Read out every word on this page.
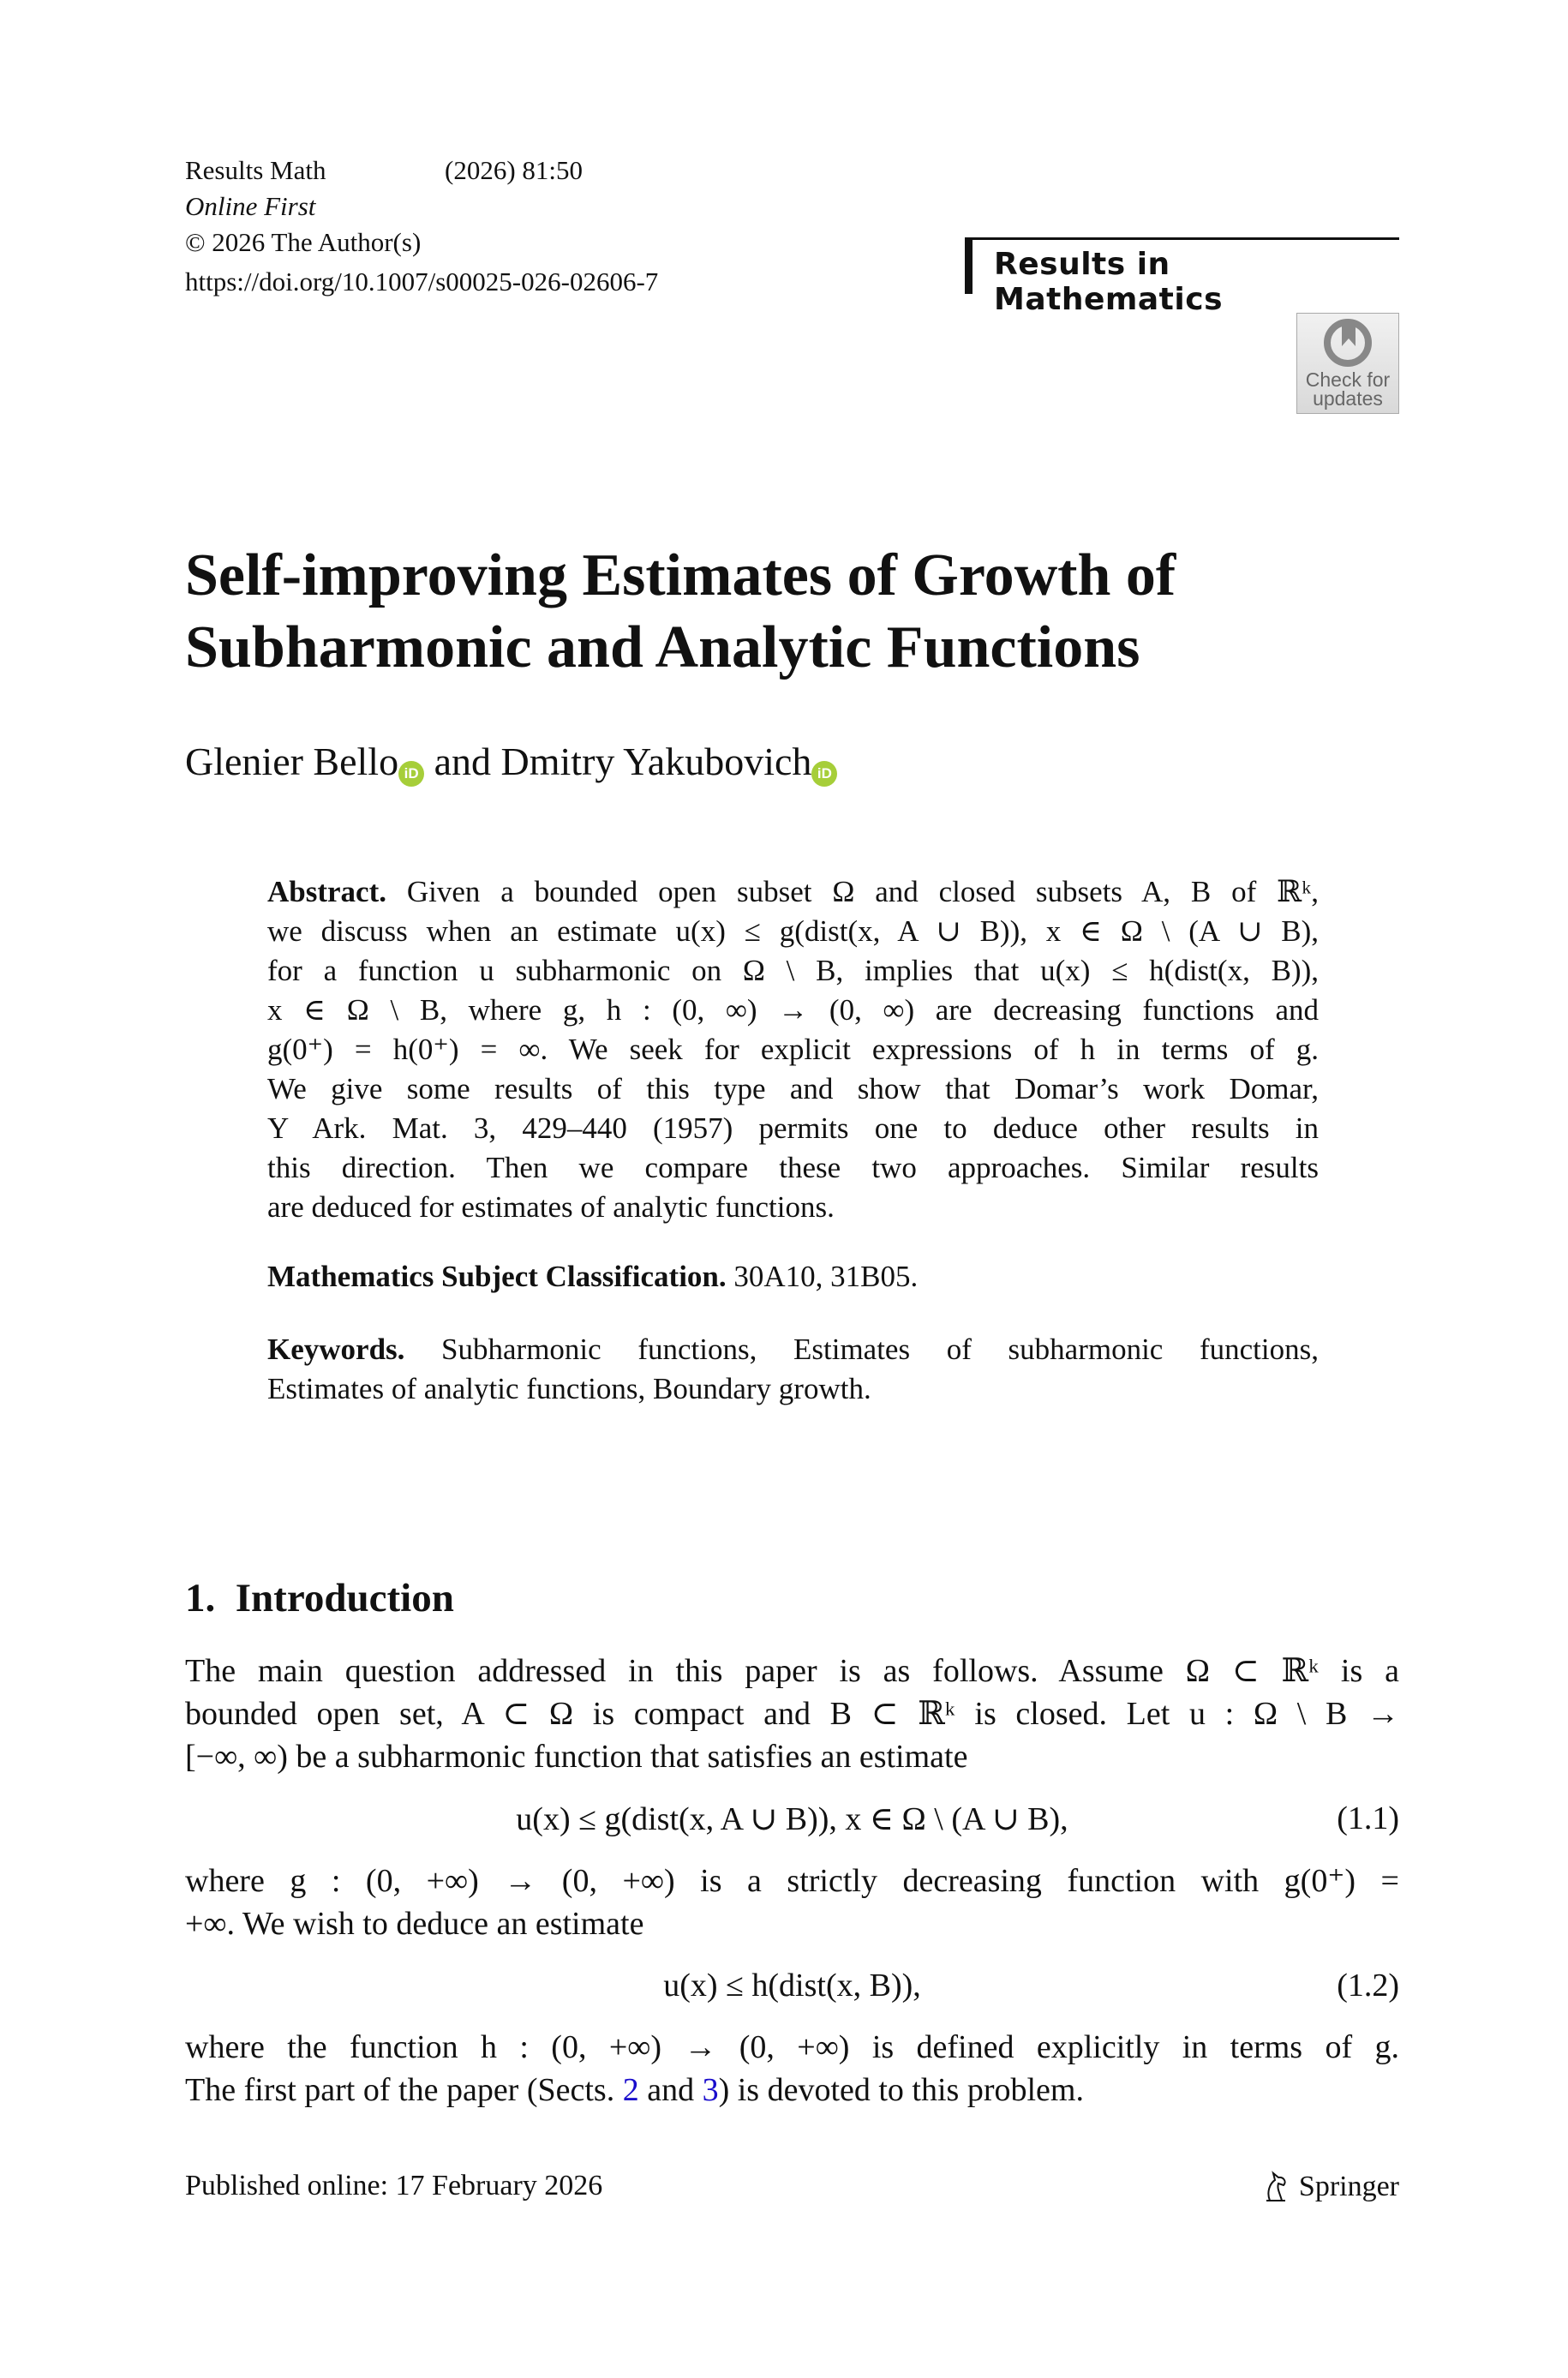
Results Math	(2026) 81:50
Online First
© 2026 The Author(s)
https://doi.org/10.1007/s00025-026-02606-7	Results in Mathematics
Check for
updates
Self-improving Estimates of Growth of
Subharmonic and Analytic Functions
Glenier Bello iD and Dmitry Yakubovich iD
Abstract. Given a bounded open subset Ω and closed subsets A, B of ℝᵏ,
we discuss when an estimate u(x) ≤ g(dist(x, A ∪ B)), x ∈ Ω \ (A ∪ B),
for a function u subharmonic on Ω \ B, implies that u(x) ≤ h(dist(x, B)),
x ∈ Ω \ B, where g, h : (0, ∞) → (0, ∞) are decreasing functions and
g(0⁺) = h(0⁺) = ∞. We seek for explicit expressions of h in terms of g.
We give some results of this type and show that Domar’s work Domar,
Y Ark. Mat. 3, 429–440 (1957) permits one to deduce other results in
this direction. Then we compare these two approaches. Similar results
are deduced for estimates of analytic functions.
Mathematics Subject Classification. 30A10, 31B05.
Keywords. Subharmonic functions, Estimates of subharmonic functions,
Estimates of analytic functions, Boundary growth.
1. Introduction
The main question addressed in this paper is as follows. Assume Ω ⊂ ℝᵏ is a
bounded open set, A ⊂ Ω is compact and B ⊂ ℝᵏ is closed. Let u : Ω \ B →
[−∞, ∞) be a subharmonic function that satisfies an estimate
u(x) ≤ g(dist(x, A ∪ B)), x ∈ Ω \ (A ∪ B),	(1.1)
where g : (0, +∞) → (0, +∞) is a strictly decreasing function with g(0⁺) =
+∞. We wish to deduce an estimate
u(x) ≤ h(dist(x, B)),	(1.2)
where the function h : (0, +∞) → (0, +∞) is defined explicitly in terms of g.
The first part of the paper (Sects. 2 and 3) is devoted to this problem.
Published online: 17 February 2026	Springer
